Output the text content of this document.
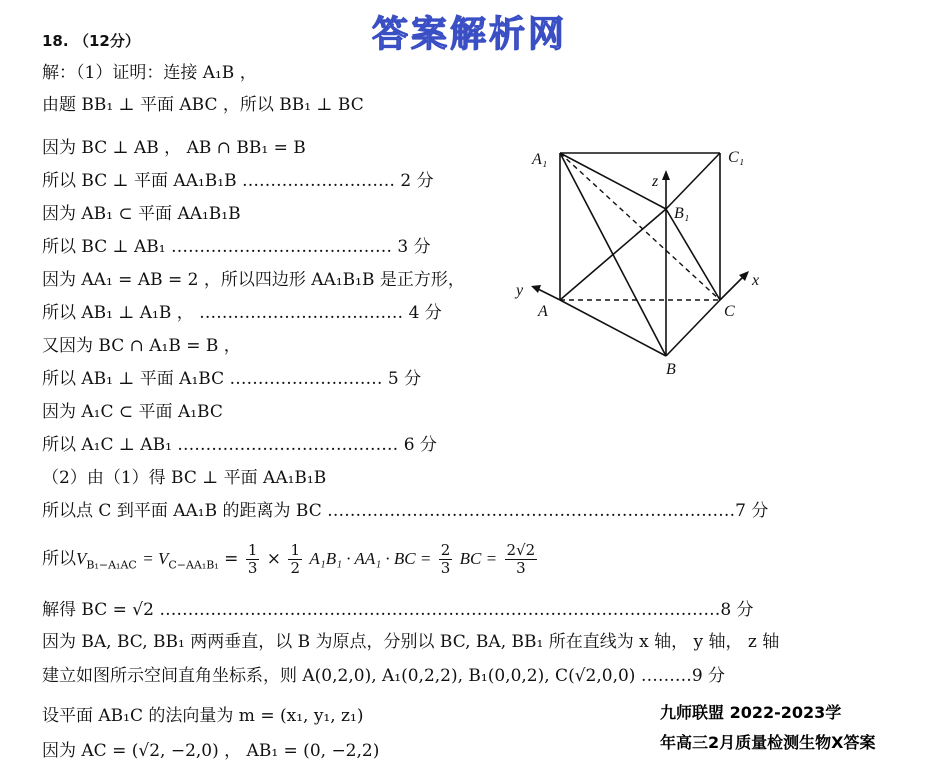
答案解析网
18. （12分）
解：（1）证明：连接 A₁B ，
由题 BB₁ ⊥ 平面 ABC ，所以 BB₁ ⊥ BC
因为 BC ⊥ AB ， AB ∩ BB₁ = B
所以 BC ⊥ 平面 AA₁B₁B ……………………… 2 分
因为 AB₁ ⊂ 平面 AA₁B₁B
所以 BC ⊥ AB₁ ………………………………… 3 分
因为 AA₁ = AB = 2 ，所以四边形 AA₁B₁B 是正方形，
所以 AB₁ ⊥ A₁B ， ……………………………… 4 分
又因为 BC ∩ A₁B = B ，
所以 AB₁ ⊥ 平面 A₁BC ……………………… 5 分
因为 A₁C ⊂ 平面 A₁BC
所以 A₁C ⊥ AB₁ ………………………………… 6 分
（2）由（1）得 BC ⊥ 平面 AA₁B₁B
所以点 C 到平面 AA₁B 的距离为 BC ………………………………………………………………7 分
所以$V_{B_1-A_1AC} = V_{C-AA_1B_1} = \frac{1}{3} \times \frac{1}{2} A_1B_1 \cdot AA_1$ · BC = $\frac{2}{3}$ BC = $\frac{2√2}{3}$
解得 BC = √2 ………………………………………………………………………………………8 分
因为 BA, BC, BB₁ 两两垂直，以 B 为原点，分别以 BC, BA, BB₁ 所在直线为 x 轴， y 轴， z 轴
建立如图所示空间直角坐标系，则 A(0,2,0), A₁(0,2,2), B₁(0,0,2), C(√2,0,0) ………9 分
设平面 AB₁C 的法向量为 m = (x₁, y₁, z₁)
因为 AC = (√2, −2,0) ， AB₁ = (0, −2,2)
A₁	C₁
B₁
A	C
B
x
y
z
九师联盟 2022-2023学
年高三2月质量检测生物X答案
